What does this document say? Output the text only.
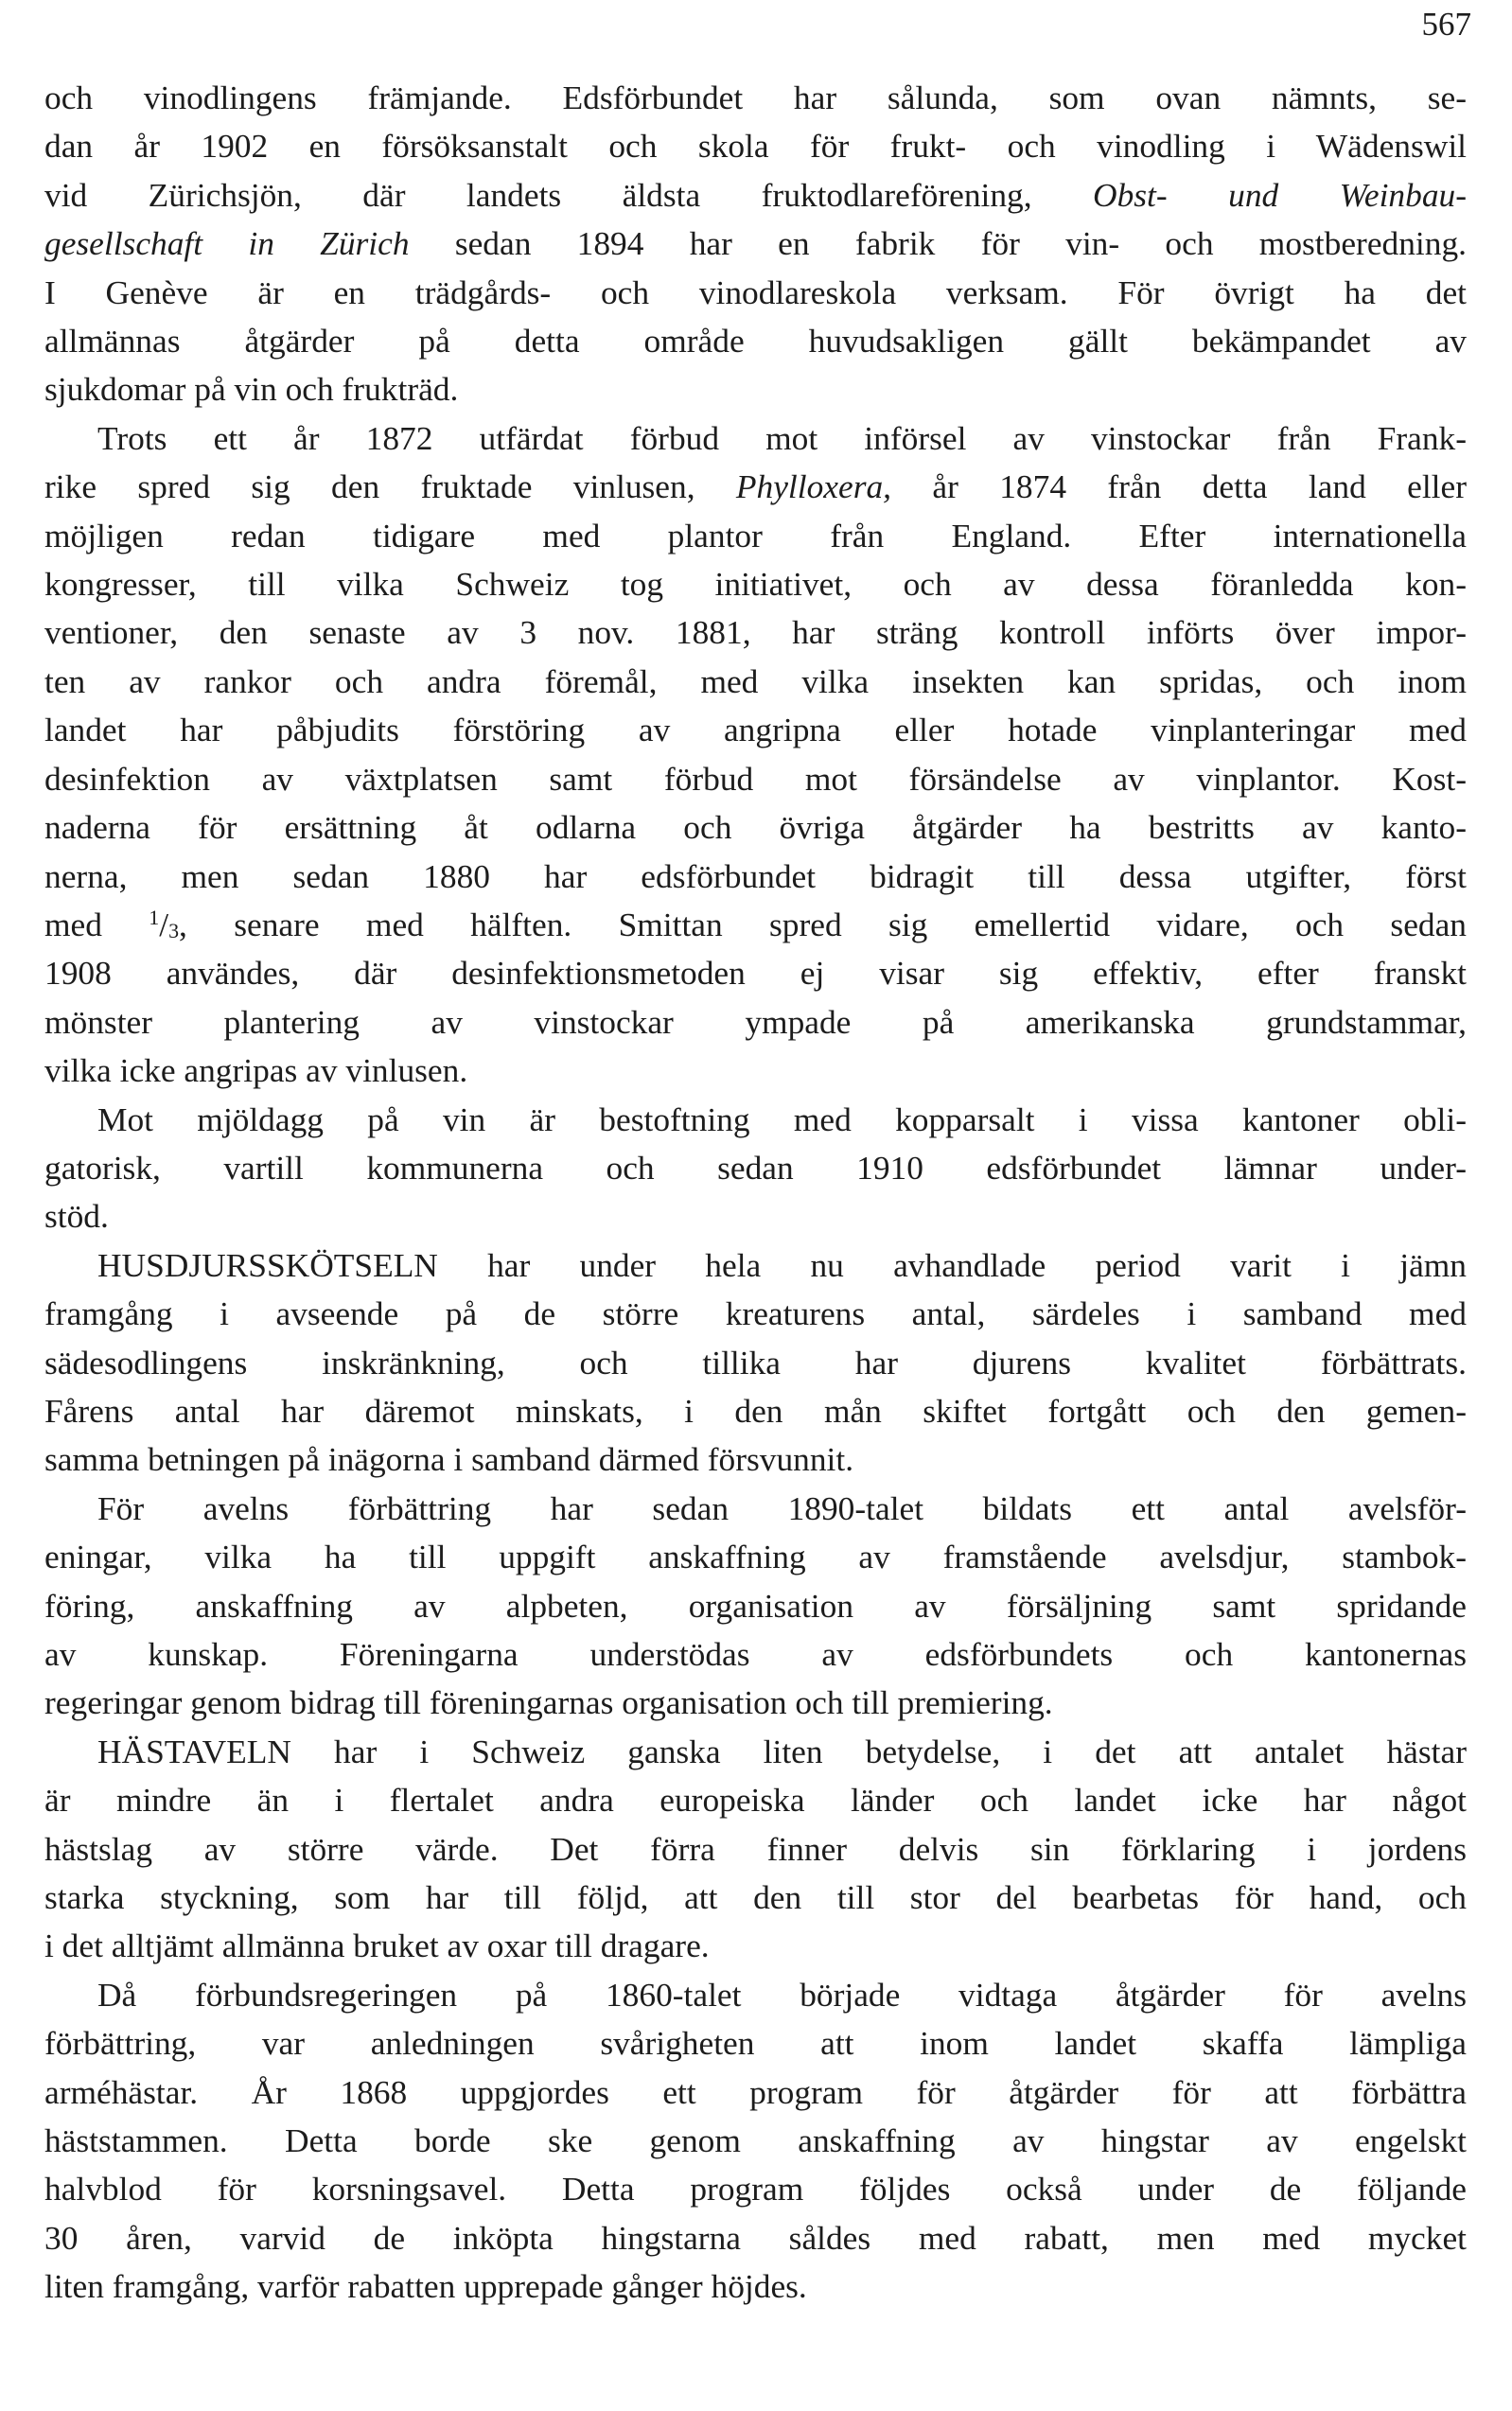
567
och vinodlingens främjande. Edsförbundet har sålunda, som ovan nämnts, se-
dan år 1902 en försöksanstalt och skola för frukt- och vinodling i Wädenswil
vid Zürichsjön, där landets äldsta fruktodlareförening, Obst- und Weinbau-
gesellschaft in Zürich sedan 1894 har en fabrik för vin- och mostberedning.
I Genève är en trädgårds- och vinodlareskola verksam. För övrigt ha det
allmännas åtgärder på detta område huvudsakligen gällt bekämpandet av
sjukdomar på vin och frukträd.
Trots ett år 1872 utfärdat förbud mot införsel av vinstockar från Frank-
rike spred sig den fruktade vinlusen, Phylloxera, år 1874 från detta land eller
möjligen redan tidigare med plantor från England. Efter internationella
kongresser, till vilka Schweiz tog initiativet, och av dessa föranledda kon-
ventioner, den senaste av 3 nov. 1881, har sträng kontroll införts över impor-
ten av rankor och andra föremål, med vilka insekten kan spridas, och inom
landet har påbjudits förstöring av angripna eller hotade vinplanteringar med
desinfektion av växtplatsen samt förbud mot försändelse av vinplantor. Kost-
naderna för ersättning åt odlarna och övriga åtgärder ha bestritts av kanto-
nerna, men sedan 1880 har edsförbundet bidragit till dessa utgifter, först
med $^1/_3$, senare med hälften. Smittan spred sig emellertid vidare, och sedan
1908 användes, där desinfektionsmetoden ej visar sig effektiv, efter franskt
mönster plantering av vinstockar ympade på amerikanska grundstammar,
vilka icke angripas av vinlusen.
Mot mjöldagg på vin är bestoftning med kopparsalt i vissa kantoner obli-
gatorisk, vartill kommunerna och sedan 1910 edsförbundet lämnar under-
stöd.
HUSDJURSSKÖTSELN har under hela nu avhandlade period varit i jämn
framgång i avseende på de större kreaturens antal, särdeles i samband med
sädesodlingens inskränkning, och tillika har djurens kvalitet förbättrats.
Fårens antal har däremot minskats, i den mån skiftet fortgått och den gemen-
samma betningen på inägorna i samband därmed försvunnit.
För avelns förbättring har sedan 1890-talet bildats ett antal avelsför-
eningar, vilka ha till uppgift anskaffning av framstående avelsdjur, stambok-
föring, anskaffning av alpbeten, organisation av försäljning samt spridande
av kunskap. Föreningarna understödas av edsförbundets och kantonernas
regeringar genom bidrag till föreningarnas organisation och till premiering.
HÄSTAVELN har i Schweiz ganska liten betydelse, i det att antalet hästar
är mindre än i flertalet andra europeiska länder och landet icke har något
hästslag av större värde. Det förra finner delvis sin förklaring i jordens
starka styckning, som har till följd, att den till stor del bearbetas för hand, och
i det alltjämt allmänna bruket av oxar till dragare.
Då förbundsregeringen på 1860-talet började vidtaga åtgärder för avelns
förbättring, var anledningen svårigheten att inom landet skaffa lämpliga
arméhästar. År 1868 uppgjordes ett program för åtgärder för att förbättra
häststammen. Detta borde ske genom anskaffning av hingstar av engelskt
halvblod för korsningsavel. Detta program följdes också under de följande
30 åren, varvid de inköpta hingstarna såldes med rabatt, men med mycket
liten framgång, varför rabatten upprepade gånger höjdes.
